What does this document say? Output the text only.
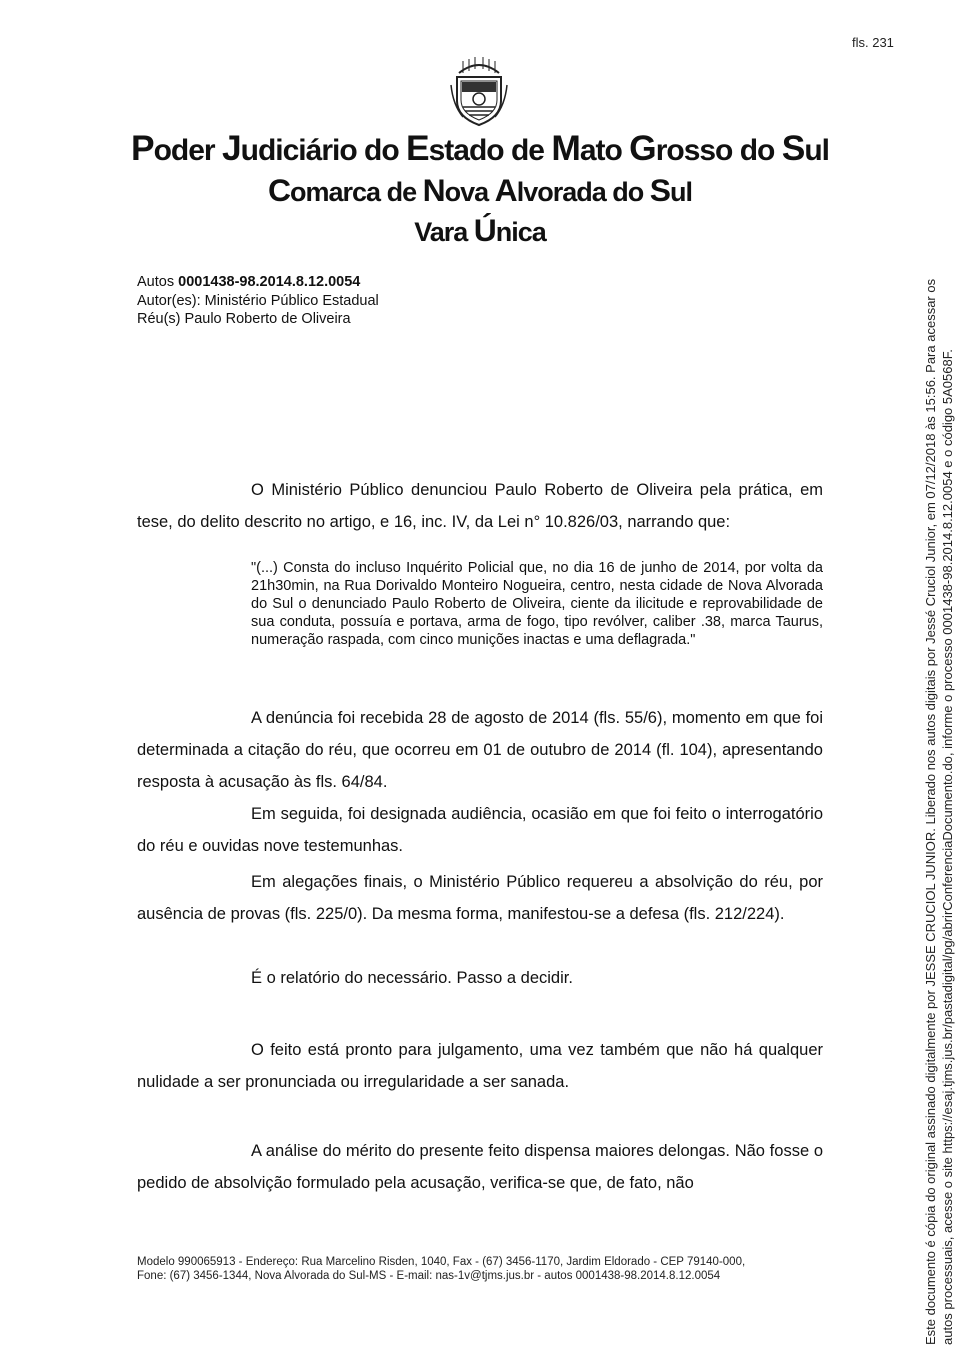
fls. 231
Poder Judiciário do Estado de Mato Grosso do Sul
Comarca de Nova Alvorada do Sul
Vara Única
Autos 0001438-98.2014.8.12.0054
Autor(es): Ministério Público Estadual
Réu(s) Paulo Roberto de Oliveira
O Ministério Público denunciou Paulo Roberto de Oliveira pela prática, em tese, do delito descrito no artigo, e 16, inc. IV, da Lei n° 10.826/03, narrando que:
"(...) Consta do incluso Inquérito Policial que, no dia 16 de junho de 2014, por volta da 21h30min, na Rua Dorivaldo Monteiro Nogueira, centro, nesta cidade de Nova Alvorada do Sul o denunciado Paulo Roberto de Oliveira, ciente da ilicitude e reprovabilidade de sua conduta, possuía e portava, arma de fogo, tipo revólver, caliber .38, marca Taurus, numeração raspada, com cinco munições inactas e uma deflagrada."
A denúncia foi recebida 28 de agosto de 2014 (fls. 55/6), momento em que foi determinada a citação do réu, que ocorreu em 01 de outubro de 2014 (fl. 104), apresentando resposta à acusação às fls. 64/84.
Em seguida, foi designada audiência, ocasião em que foi feito o interrogatório do réu e ouvidas nove testemunhas.
Em alegações finais, o Ministério Público requereu a absolvição do réu, por ausência de provas (fls. 225/0). Da mesma forma, manifestou-se a defesa (fls. 212/224).
É o relatório do necessário. Passo a decidir.
O feito está pronto para julgamento, uma vez também que não há qualquer nulidade a ser pronunciada ou irregularidade a ser sanada.
A análise do mérito do presente feito dispensa maiores delongas. Não fosse o pedido de absolvição formulado pela acusação, verifica-se que, de fato, não
Modelo 990065913 - Endereço: Rua Marcelino Risden, 1040, Fax - (67) 3456-1170, Jardim Eldorado - CEP 79140-000, Fone: (67) 3456-1344, Nova Alvorada do Sul-MS - E-mail: nas-1v@tjms.jus.br - autos 0001438-98.2014.8.12.0054	Este documento é cópia do original assinado digitalmente por JESSE CRUCIOL JUNIOR. Liberado nos autos digitais por Jessé Cruciol Junior, em 07/12/2018 às 15:56. Para acessar os autos processuais, acesse o site https://esaj.tjms.jus.br/pastadigital/pg/abrirConferenciaDocumento.do, informe o processo 0001438-98.2014.8.12.0054 e o código 5A0568F.
